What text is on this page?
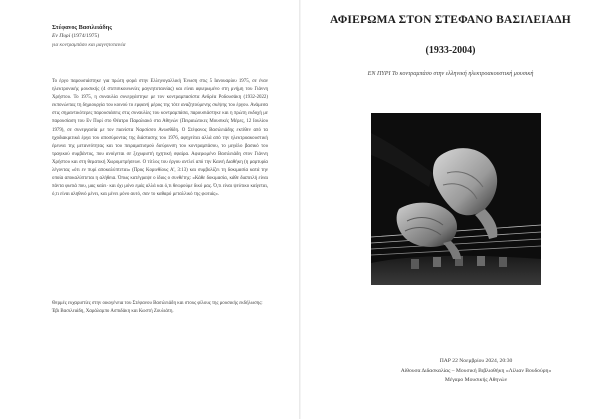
Στέφανος Βασιλειάδης
Εν Πυρί (1974/1975)
για κοντραμπάσο και μαγνητοταινία
Το έργο παρουσιάστηκε για πρώτη φορά στην Ελληνογαλλική Ένωση στις 5 Ιανουαρίου 1975, σε έναν ηλεκτρονικής μουσικής (4 στεπσικοινωνίες μαγνητοταινίας) και είναι αφιερωμένο στη μνήμη του Γιάννη Χρήστου. Το 1975, η συναυλία συνεργάστηκε με τον κοντραμπασίστα Ανδρέα Ροδουσάκη (1932-2022) εκπονώντας τη δημιουργία του κοινού το εμφανή μέρος της τότε αναζητούμενης σκέψης του έργου. Ανάμεσα στις σημαντικότερες παρουσιάσεις στις συναυλίες του κοντραμπάσα, παρουσιάστηκε και η πρώτη εκδοχή με παρουσίαση του Εν Πυρί στο Θέατρο Παραλιακό στα Αθηνών (Πειραιώτικες Μουσικές Μέρες, 12 Ιουλίου 1979), σε συνεργασία με τον πιανίστα Ναρσίσσο Ανωσθίδη. Ο Στέφανος Βασιλειάδης εκτίθεν από τα ηχοδιακριτικά έργα του αποσύροντας της διάστασης του 1976, αφηγείται αλλά από την ηλεκτροακουστική έρευνα της μετανεότητας και του πειραματισμού διεύρυνση του κοντραμπάσου, το μεγάλο βασικό του τραγικού συμβάντος, που ανοίγεται σε ξεχωριστή ηχητική σφαίρα. Αφιερωμένο Βασιλειάδη στον Γιάννη Χρήστου και στη θεματική Χωρομετρήσεων. Ο τίτλος του έργου αντλεί από την Καινή Διαθήκη (η μαρτυρία λέγοντας «ότι εν πυρί αποκαλύπτεται» (Προς Κορινθίους Α', 3:13) και συμβολίζει τη δοκιμασία κατά την οποία αποκαλύπτεται η αλήθεια. Όπως κατέγραψε ο ίδιος ο συνθέτης: «Κάθε δοκιμασία, κάθε διαπειλή είναι πάντα φωτιά που, μας καίει· και όχι μόνο εμάς αλλά και ό,τι θεωρούμε δικό μας. Ό,τι είναι ψεύτικο καίγεται, ό,τι είναι αληθινό μένει, και μένει μόνο αυτό, σαν το καθαρό μεταλλικό της φωτιάς».
Θερμές ευχαριστίες στην οικογένεια του Στέφανου Βασιλειάδη και στους φίλους της μουσικής εκδήλωσης: Έβι Βασιλειάδη, Χαράλαμπο Ασπιδάκη και Κωστή Ζουλιάτη.
ΑΦΙΕΡΩΜΑ ΣΤΟΝ ΣΤΕΦΑΝΟ ΒΑΣΙΛΕΙΑΔΗ
(1933-2004)
ΕΝ ΠΥΡΙ Το κοντραμπάσο στην ελληνική ηλεκτροακουστική μουσική
ΠΑΡ 22 Νοεμβρίου 2024, 20:30
Αίθουσα Διδασκαλίας – Μουσική Βιβλιοθήκη «Λίλιαν Βουδούρη»
Μέγαρο Μουσικής Αθηνών
